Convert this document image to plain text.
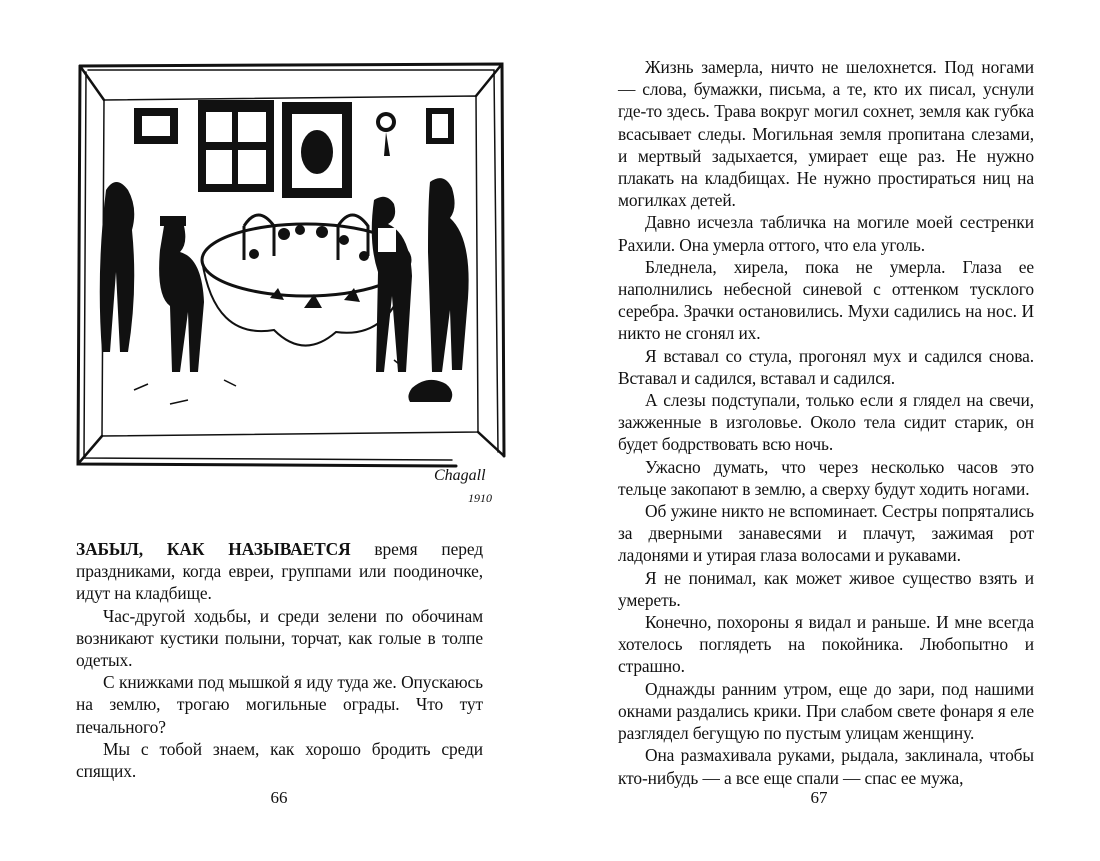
Chagall
1910

ЗАБЫЛ, КАК НАЗЫВАЕТСЯ время перед праздниками, когда евреи, группами или поодиночке, идут на кладбище.

Час-другой ходьбы, и среди зелени по обочинам возникают кустики полыни, торчат, как голые в толпе одетых.

С книжками под мышкой я иду туда же. Опускаюсь на землю, трогаю могильные ограды. Что тут печального?

Мы с тобой знаем, как хорошо бродить среди спящих.

66

Жизнь замерла, ничто не шелохнется. Под ногами — слова, бумажки, письма, а те, кто их писал, уснули где-то здесь. Трава вокруг могил сохнет, земля как губка всасывает следы. Могильная земля пропитана слезами, и мертвый задыхается, умирает еще раз. Не нужно плакать на кладбищах. Не нужно простираться ниц на могилках детей.

Давно исчезла табличка на могиле моей сестренки Рахили. Она умерла оттого, что ела уголь.

Бледнела, хирела, пока не умерла. Глаза ее наполнились небесной синевой с оттенком тусклого серебра. Зрачки остановились. Мухи садились на нос. И никто не сгонял их.

Я вставал со стула, прогонял мух и садился снова. Вставал и садился, вставал и садился.

А слезы подступали, только если я глядел на свечи, зажженные в изголовье. Около тела сидит старик, он будет бодрствовать всю ночь.

Ужасно думать, что через несколько часов это тельце закопают в землю, а сверху будут ходить ногами.

Об ужине никто не вспоминает. Сестры попрятались за дверными занавесями и плачут, зажимая рот ладонями и утирая глаза волосами и рукавами.

Я не понимал, как может живое существо взять и умереть.

Конечно, похороны я видал и раньше. И мне всегда хотелось поглядеть на покойника. Любопытно и страшно.

Однажды ранним утром, еще до зари, под нашими окнами раздались крики. При слабом свете фонаря я еле разглядел бегущую по пустым улицам женщину.

Она размахивала руками, рыдала, заклинала, чтобы кто-нибудь — а все еще спали — спас ее мужа,

67
